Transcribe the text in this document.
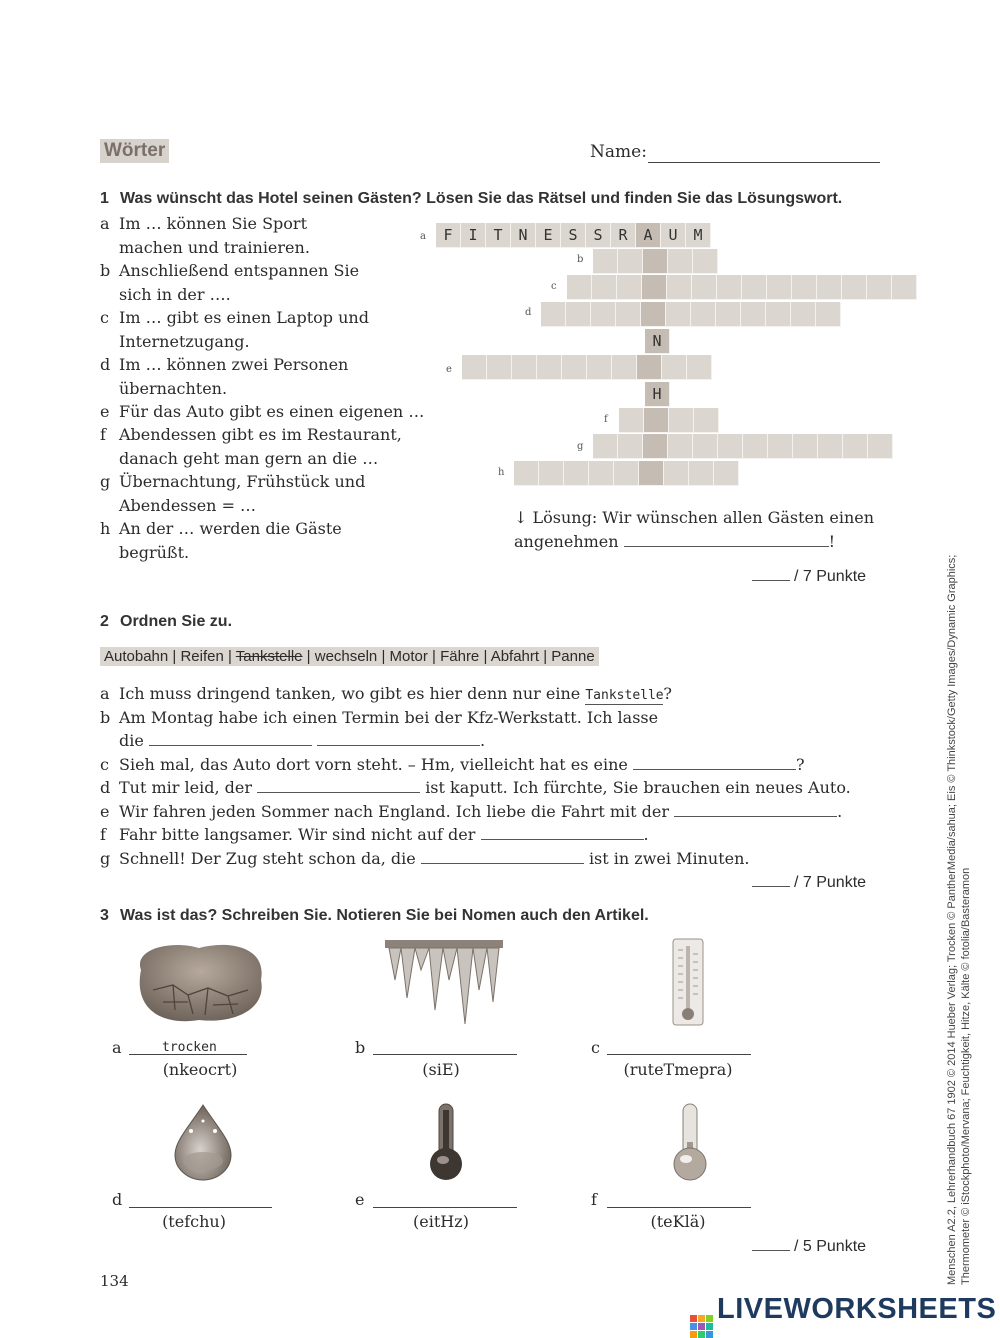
Wörter	Name:
1 Was wünscht das Hotel seinen Gästen? Lösen Sie das Rätsel und finden Sie das Lösungswort.
a Im … können Sie Sport
machen und trainieren.
b Anschließend entspannen Sie
sich in der ….
c Im … gibt es einen Laptop und
Internetzugang.
d Im … können zwei Personen
übernachten.
e Für das Auto gibt es einen eigenen …
f Abendessen gibt es im Restaurant,
danach geht man gern an die …
g Übernachtung, Frühstück und
Abendessen = …
h An der … werden die Gäste
begrüßt.
a	F	I	T	N	E	S	S	R	A	U	M
b
c
d
N
e
H
f
g
h
↓ Lösung: Wir wünschen allen Gästen einen
angenehmen	!
/ 7 Punkte
2 Ordnen Sie zu.
Autobahn | Reifen | Tankstelle | wechseln | Motor | Fähre | Abfahrt | Panne
a Ich muss dringend tanken, wo gibt es hier denn nur eine Tankstelle?
b Am Montag habe ich einen Termin bei der Kfz-Werkstatt. Ich lasse
die	.
c Sieh mal, das Auto dort vorn steht. – Hm, vielleicht hat es eine	?
d Tut mir leid, der	ist kaputt. Ich fürchte, Sie brauchen ein neues Auto.
e Wir fahren jeden Sommer nach England. Ich liebe die Fahrt mit der	.
f Fahr bitte langsamer. Wir sind nicht auf der	.
g Schnell! Der Zug steht schon da, die	ist in zwei Minuten.
/ 7 Punkte
3 Was ist das? Schreiben Sie. Notieren Sie bei Nomen auch den Artikel.
a	trocken
(nkeocrt)
b
(siE)
c
(ruteTmepra)
d
(tefchu)
e
(eitHz)
f
(teKlä)
/ 5 Punkte
134	Menschen A2.2, Lehrerhandbuch 67 1902 © 2014 Hueber Verlag; Trocken © PantherMedia/sahua; Eis © Thinkstock/Getty Images/Dynamic Graphics; Thermometer © iStockphoto/Mervana; Feuchtigkeit, Hitze, Kälte © fotolia/Basteramon
LIVEWORKSHEETS
